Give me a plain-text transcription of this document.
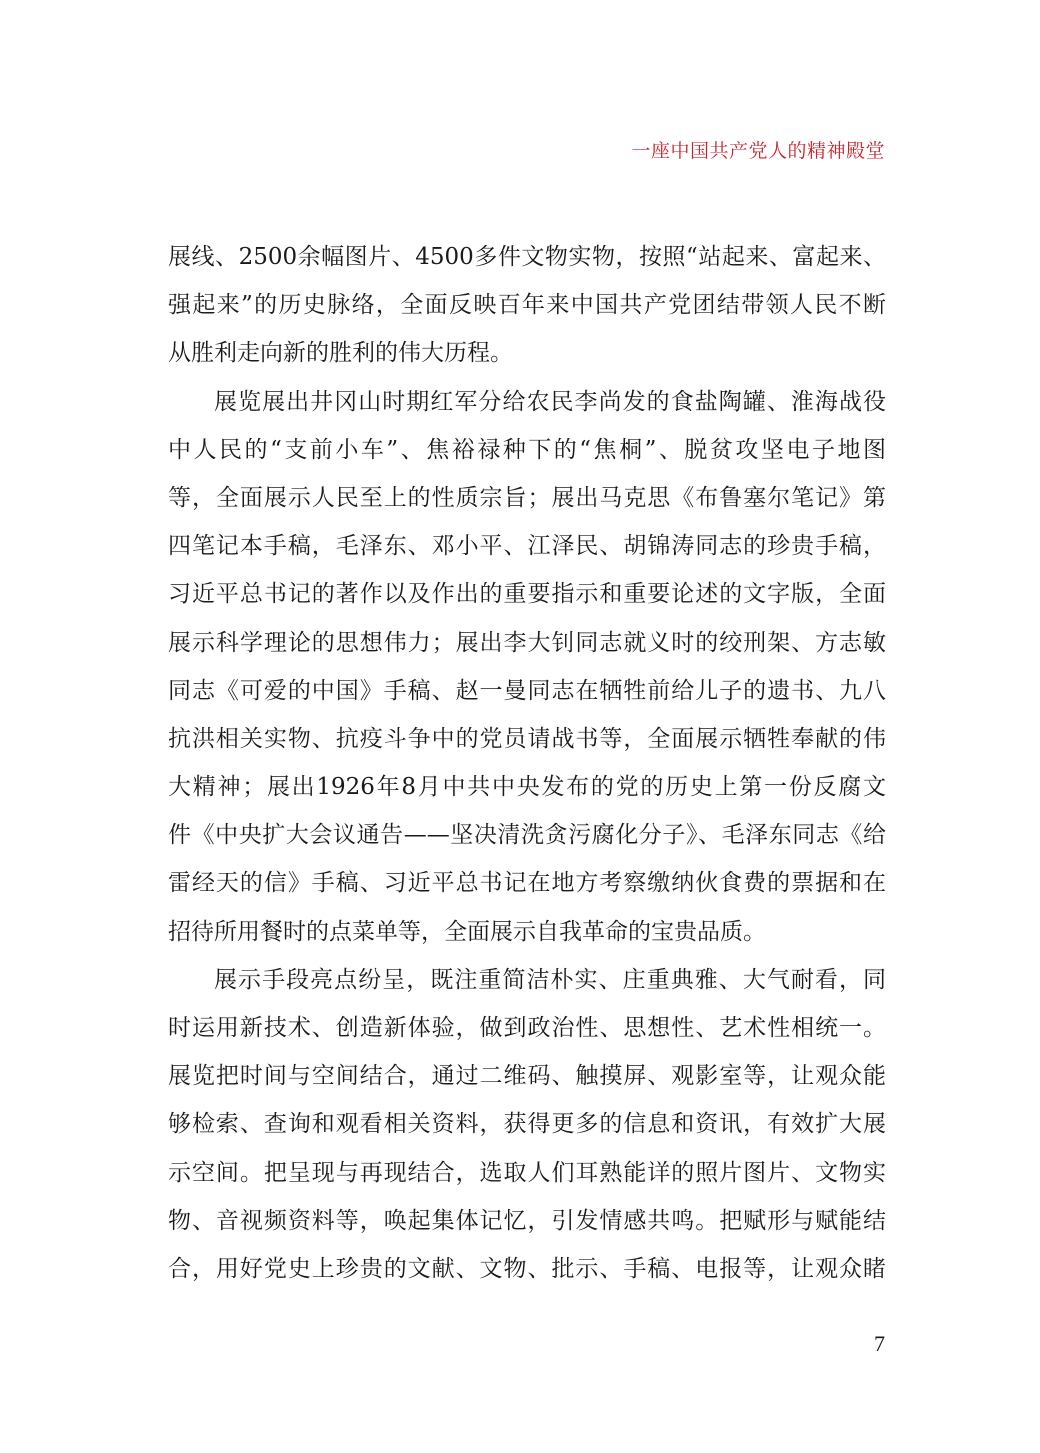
一座中国共产党人的精神殿堂
展线、2500余幅图片、4500多件文物实物，按照“站起来、富起来、
强起来”的历史脉络，全面反映百年来中国共产党团结带领人民不断
从胜利走向新的胜利的伟大历程。
展览展出井冈山时期红军分给农民李尚发的食盐陶罐、淮海战役
中人民的“支前小车”、焦裕禄种下的“焦桐”、脱贫攻坚电子地图
等，全面展示人民至上的性质宗旨；展出马克思《布鲁塞尔笔记》第
四笔记本手稿，毛泽东、邓小平、江泽民、胡锦涛同志的珍贵手稿，
习近平总书记的著作以及作出的重要指示和重要论述的文字版，全面
展示科学理论的思想伟力；展出李大钊同志就义时的绞刑架、方志敏
同志《可爱的中国》手稿、赵一曼同志在牺牲前给儿子的遗书、九八
抗洪相关实物、抗疫斗争中的党员请战书等，全面展示牺牲奉献的伟
大精神；展出1926年8月中共中央发布的党的历史上第一份反腐文
件《中央扩大会议通告——坚决清洗贪污腐化分子》、毛泽东同志《给
雷经天的信》手稿、习近平总书记在地方考察缴纳伙食费的票据和在
招待所用餐时的点菜单等，全面展示自我革命的宝贵品质。
展示手段亮点纷呈，既注重简洁朴实、庄重典雅、大气耐看，同
时运用新技术、创造新体验，做到政治性、思想性、艺术性相统一。
展览把时间与空间结合，通过二维码、触摸屏、观影室等，让观众能
够检索、查询和观看相关资料，获得更多的信息和资讯，有效扩大展
示空间。把呈现与再现结合，选取人们耳熟能详的照片图片、文物实
物、音视频资料等，唤起集体记忆，引发情感共鸣。把赋形与赋能结
合，用好党史上珍贵的文献、文物、批示、手稿、电报等，让观众睹
7
